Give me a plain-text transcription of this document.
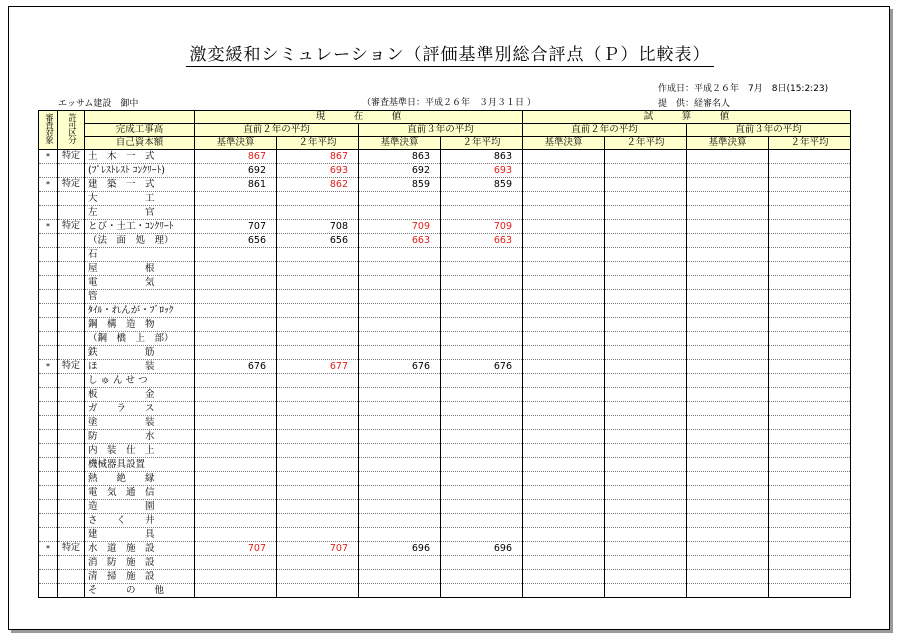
激変緩和シミュレーション（評価基準別総合評点（Ｐ）比較表）
作成日：平成２６年　7月　8日(15:2:23)
提　供：経審名人
エッサム建設　御中	（審査基準日：平成２６年　３月３１日 ）
審査対象	許可区分		現　　　在　　　値				試　　　算　　　値			
		完成工事高	直前２年の平均		直前３年の平均		直前２年の平均		直前３年の平均	
		自己資本額	基準決算	２年平均	基準決算	２年平均	基準決算	２年平均	基準決算	２年平均
*	特定	土　木　一　式	867	867	863	863				
		(ﾌﾟﾚｽﾄﾚｽﾄ ｺﾝｸﾘｰﾄ)	692	693	692	693				
*	特定	建　築　一　式	861	862	859	859				
		大　　　　　工								
		左　　　　　官								
*	特定	とび・土工・ｺﾝｸﾘｰﾄ	707	708	709	709				
		（法　面　処　理）	656	656	663	663				
		石								
		屋　　　　　根								
		電　　　　　気								
		管								
		ﾀｲﾙ・れんが・ﾌﾞﾛｯｸ								
		鋼　構　造　物								
		（鋼　橋　上　部）								
		鉄　　　　　筋								
*	特定	ほ　　　　　装	676	677	676	676				
		し ゅ ん せ つ								
		板　　　　　金								
		ガ　　ラ　　ス								
		塗　　　　　装								
		防　　　　　水								
		内　装　仕　上								
		機械器具設置								
		熱　　絶　　縁								
		電　気　通　信								
		造　　　　　園								
		さ　　く　　井								
		建　　　　　具								
*	特定	水　道　施　設	707	707	696	696				
		消　防　施　設								
		清　掃　施　設								
		そ　　　の　　他								
